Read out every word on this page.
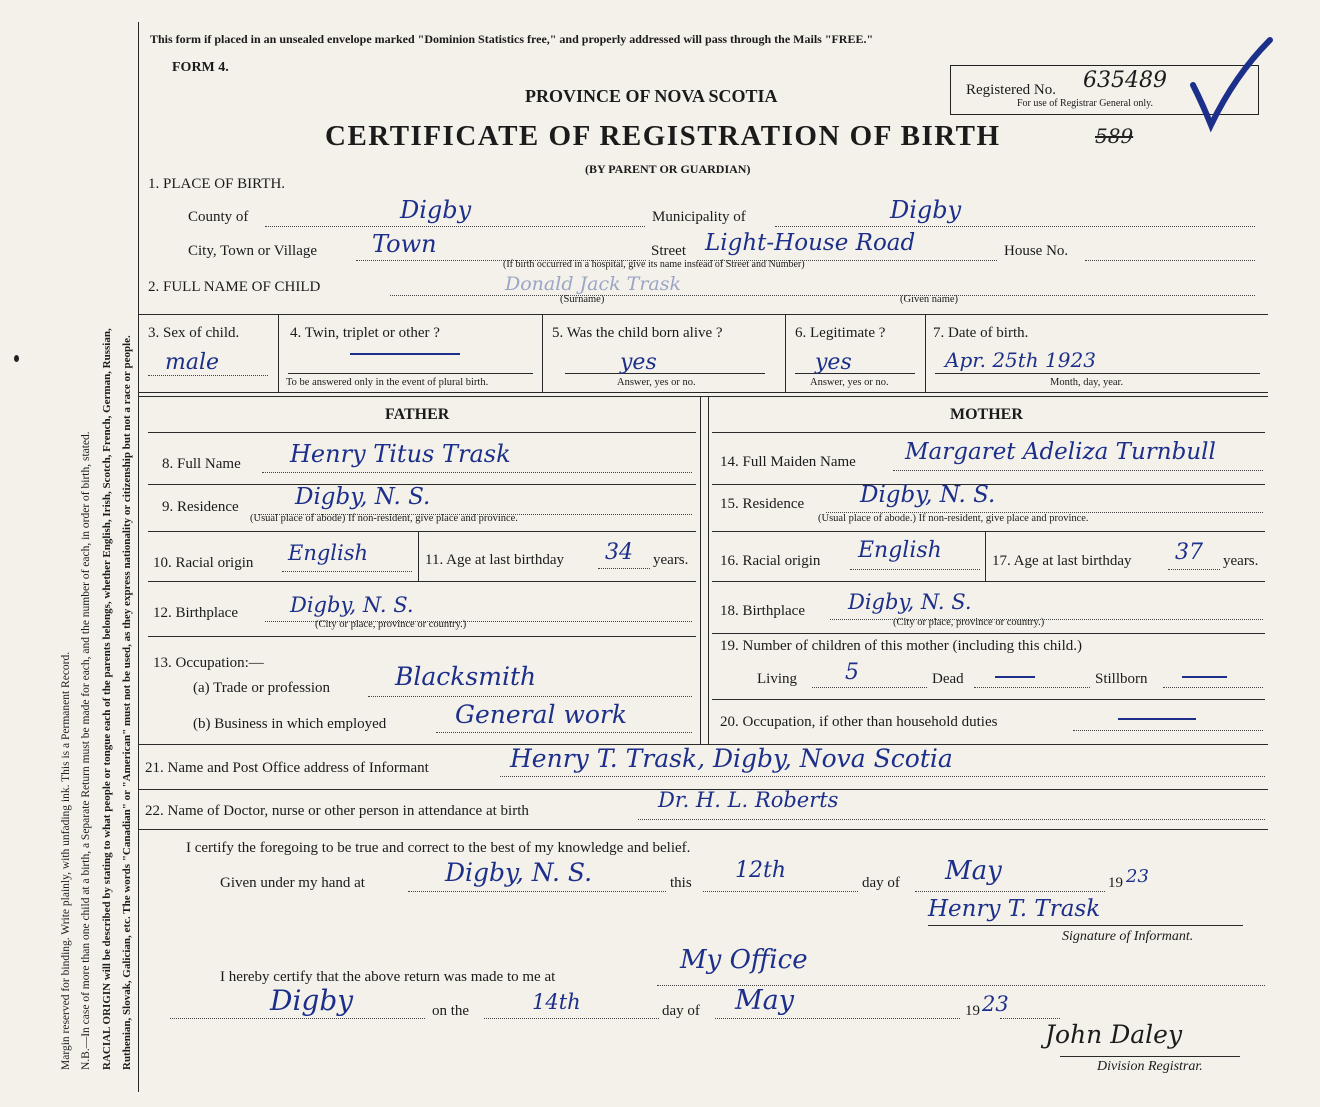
Margin reserved for binding. Write plainly, with unfading ink. This is a Permanent Record. N.B.—In case of more than one child at a birth, a Separate Return must be made for each, and the number of each, in order of birth, stated. RACIAL ORIGIN will be described by stating to what people or tongue each of the parents belongs, whether English, Irish, Scotch, French, German, Russian, Ruthenian, Slovak, Galician, etc. The words "Canadian" or "American" must not be used, as they express nationality or citizenship but not a race or people.
This form if placed in an unsealed envelope marked "Dominion Statistics free," and properly addressed will pass through the Mails "FREE."
FORM 4.
PROVINCE OF NOVA SCOTIA
CERTIFICATE OF REGISTRATION OF BIRTH
(BY PARENT OR GUARDIAN)
589
Registered No. 635489
For use of Registrar General only.
1. PLACE OF BIRTH.
County of	Digby	Municipality of	Digby
City, Town or Village Town	Street Light-House Road	House No.
(If birth occurred in a hospital, give its name instead of Street and Number)
2. FULL NAME OF CHILD	Donald Jack Trask
(Surname)	(Given name)
3. Sex of child.
male
4. Twin, triplet or other ?
To be answered only in the event of plural birth.
5. Was the child born alive ?
yes
Answer, yes or no.
6. Legitimate ?
yes
Answer, yes or no.
7. Date of birth.
Apr. 25th 1923
Month, day, year.
FATHER	MOTHER
8. Full Name Henry Titus Trask	14. Full Maiden Name Margaret Adeliza Turnbull
9. Residence Digby, N. S.
(Usual place of abode) If non-resident, give place and province.
15. Residence Digby, N. S.
(Usual place of abode.) If non-resident, give place and province.
10. Racial origin English	11. Age at last birthday 34 years. 16. Racial origin English	17. Age at last birthday 37 years.
12. Birthplace Digby, N. S.
(City or place, province or country.)
18. Birthplace Digby, N. S.
(City or place, province or country.)
13. Occupation:—
(a) Trade or profession	Blacksmith
(b) Business in which employed	General work
19. Number of children of this mother (including this child.)
Living 5	Dead	Stillborn
20. Occupation, if other than household duties
21. Name and Post Office address of Informant	Henry T. Trask, Digby, Nova Scotia
22. Name of Doctor, nurse or other person in attendance at birth	Dr. H. L. Roberts
I certify the foregoing to be true and correct to the best of my knowledge and belief.
Given under my hand at	Digby, N. S.	this 12th	day of May	19 23
Henry T. Trask
Signature of Informant.
I hereby certify that the above return was made to me at
My Office
Digby	on the	14th	day of May	19 23
John Daley
Division Registrar.
